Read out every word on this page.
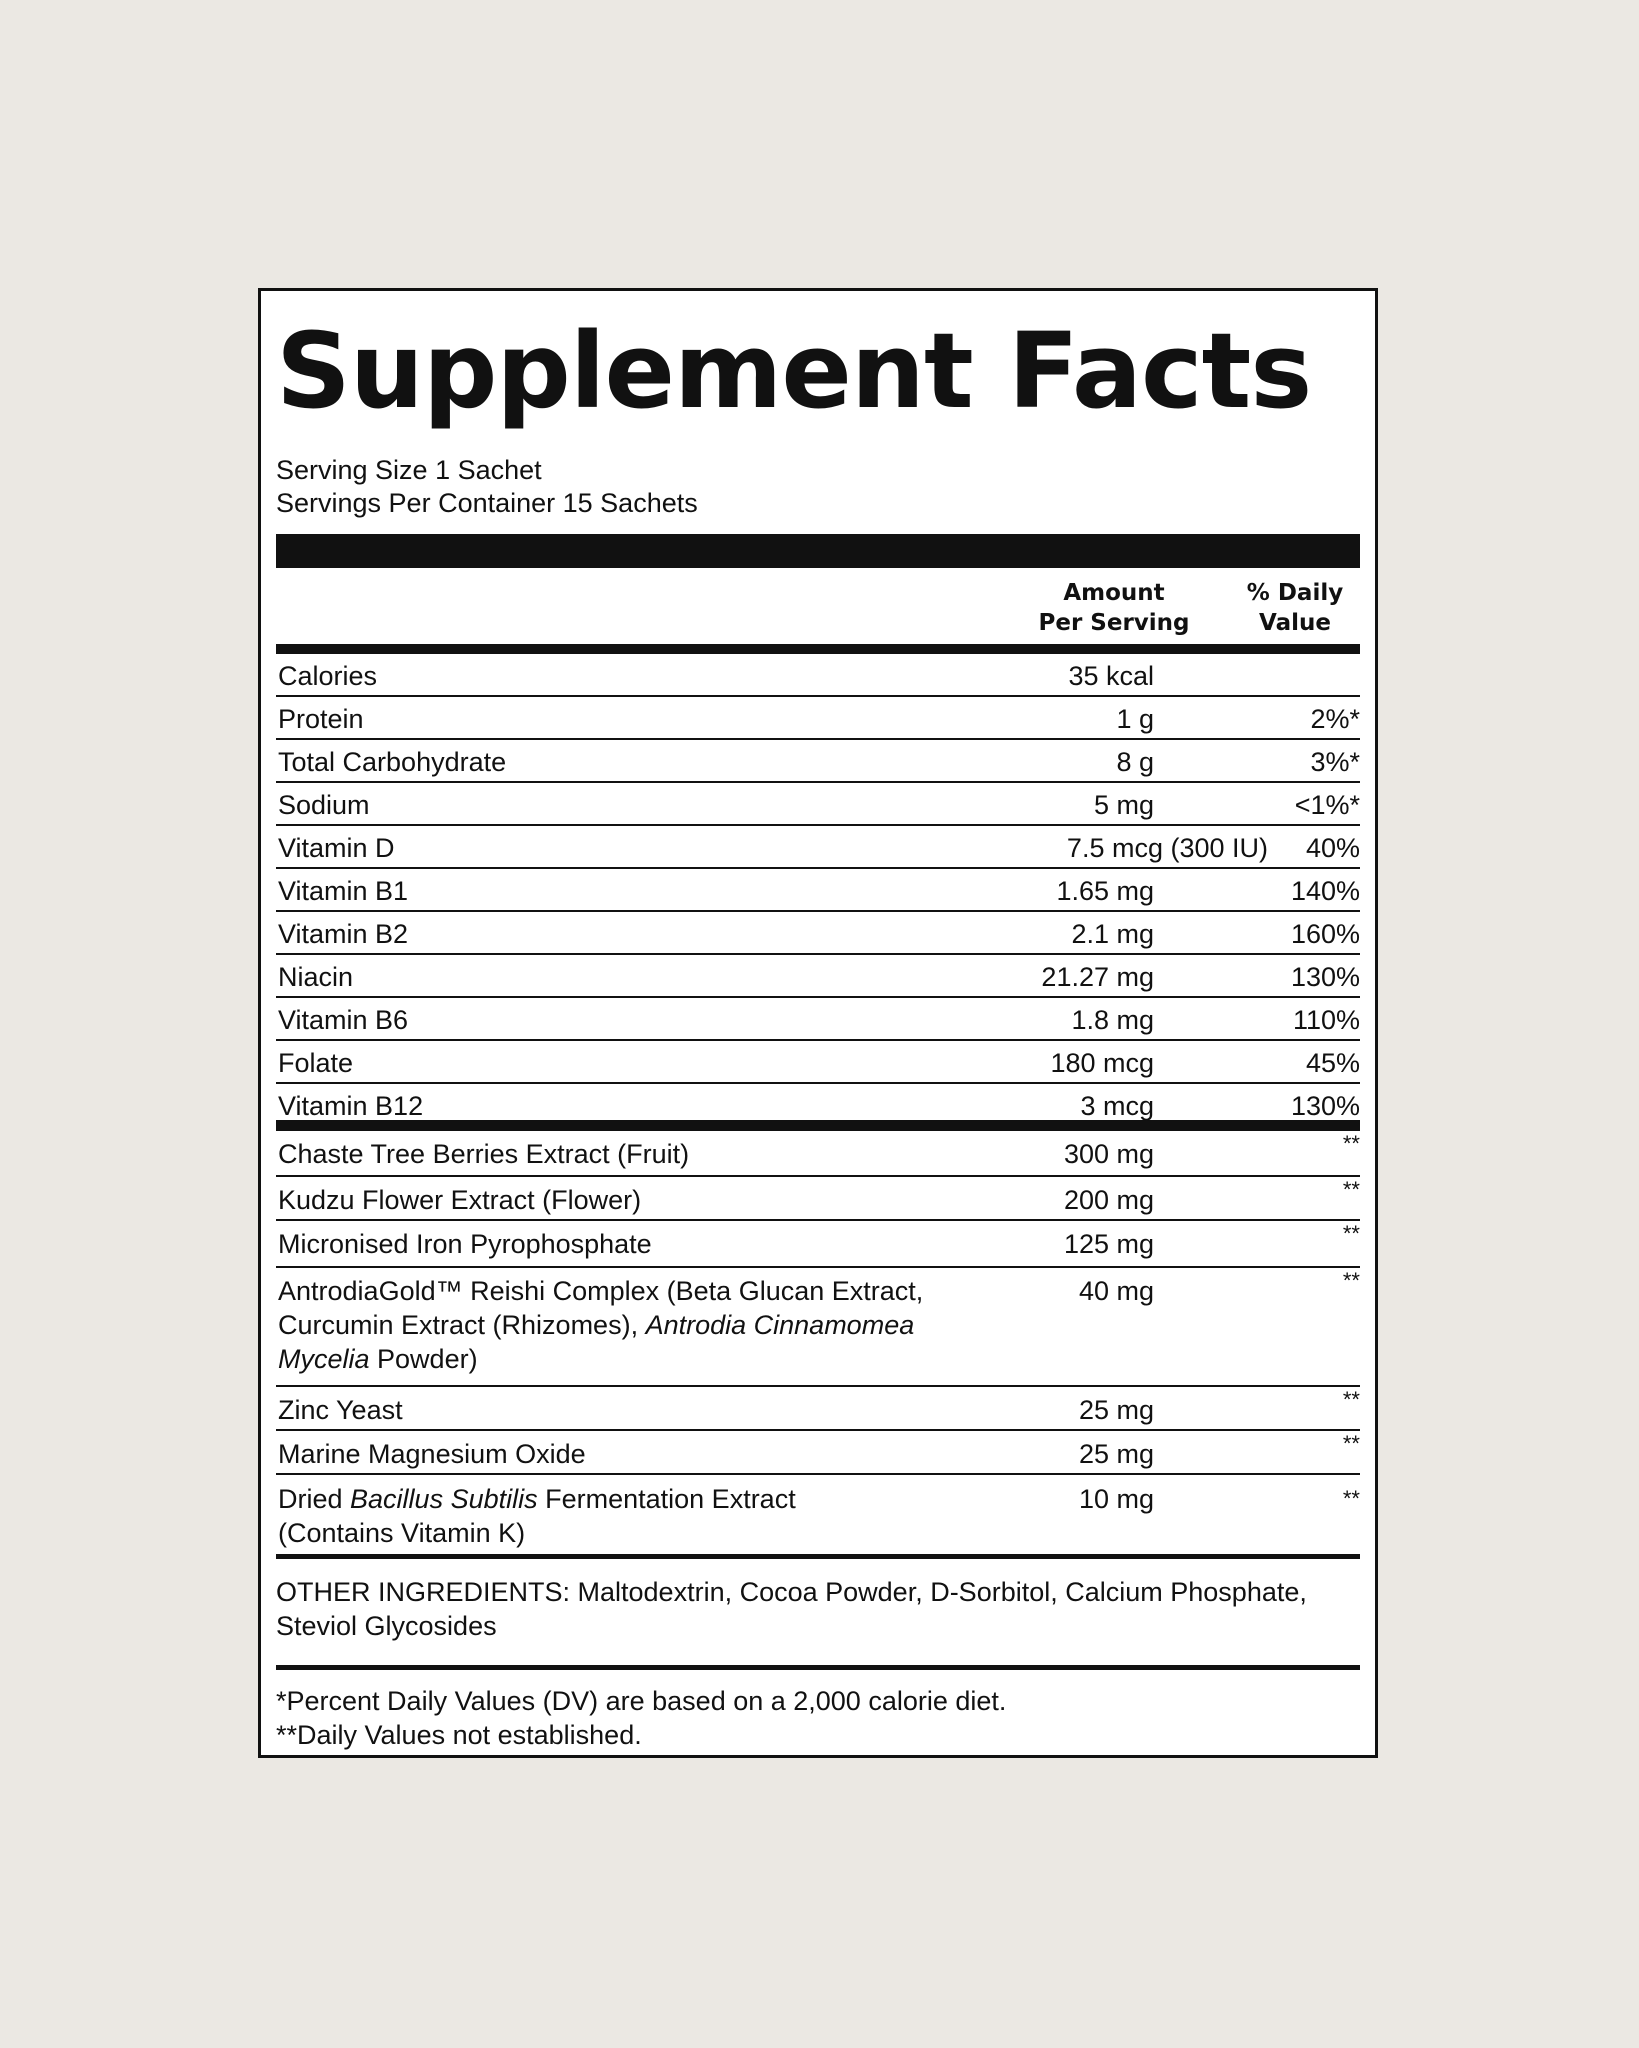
Supplement Facts
Serving Size 1 Sachet
Servings Per Container 15 Sachets
Amount
Per Serving
% Daily
Value
Calories	35 kcal
Protein	1 g	2%*
Total Carbohydrate	8 g	3%*
Sodium	5 mg	<1%*
Vitamin D	7.5 mcg (300 IU) 40%
Vitamin B1	1.65 mg	140%
Vitamin B2	2.1 mg	160%
Niacin	21.27 mg	130%
Vitamin B6	1.8 mg	110%
Folate	180 mcg	45%
Vitamin B12	3 mcg	130%
Chaste Tree Berries Extract (Fruit)	300 mg	**
Kudzu Flower Extract (Flower)	200 mg	**
Micronised Iron Pyrophosphate	125 mg	**
AntrodiaGold™ Reishi Complex (Beta Glucan Extract, Curcumin Extract (Rhizomes), Antrodia Cinnamomea Mycelia Powder)
40 mg	**
Zinc Yeast	25 mg	**
Marine Magnesium Oxide	25 mg	**
Dried Bacillus Subtilis Fermentation Extract (Contains Vitamin K)
10 mg	**
OTHER INGREDIENTS: Maltodextrin, Cocoa Powder, D-Sorbitol, Calcium Phosphate, Steviol Glycosides
*Percent Daily Values (DV) are based on a 2,000 calorie diet.
**Daily Values not established.
